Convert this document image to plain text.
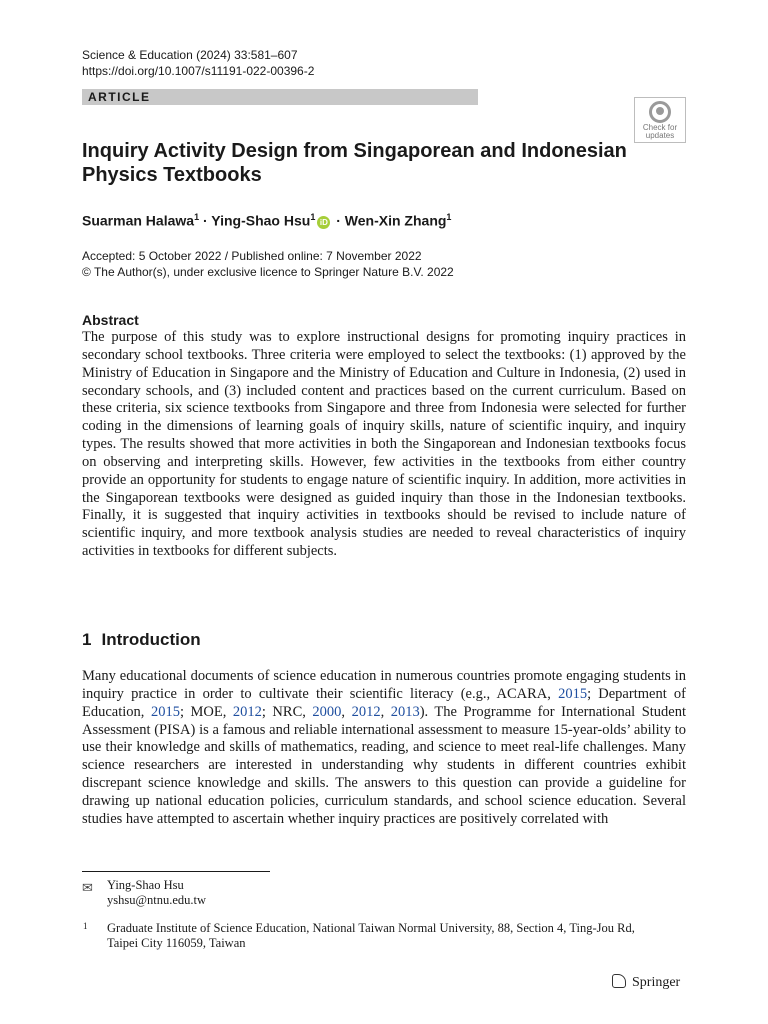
Science & Education (2024) 33:581–607
https://doi.org/10.1007/s11191-022-00396-2
ARTICLE
Check for
updates
Inquiry Activity Design from Singaporean and Indonesian
Physics Textbooks
Suarman Halawa$^1$ · Ying-Shao Hsu$^1$iD · Wen-Xin Zhang$^1$
Accepted: 5 October 2022 / Published online: 7 November 2022
© The Author(s), under exclusive licence to Springer Nature B.V. 2022
Abstract

The purpose of this study was to explore instructional designs for promoting inquiry practices in secondary school textbooks. Three criteria were employed to select the textbooks: (1) approved by the Ministry of Education in Singapore and the Ministry of Education and Culture in Indonesia, (2) used in secondary schools, and (3) included content and practices based on the current curriculum. Based on these criteria, six science textbooks from Singapore and three from Indonesia were selected for further coding in the dimensions of learning goals of inquiry skills, nature of scientific inquiry, and inquiry types. The results showed that more activities in both the Singaporean and Indonesian textbooks focus on observing and interpreting skills. However, few activities in the textbooks from either country provide an opportunity for students to engage nature of scientific inquiry. In addition, more activities in the Singaporean textbooks were designed as guided inquiry than those in the Indonesian textbooks. Finally, it is suggested that inquiry activities in textbooks should be revised to include nature of scientific inquiry, and more textbook analysis studies are needed to reveal characteristics of inquiry activities in textbooks for different subjects.

1 Introduction

Many educational documents of science education in numerous countries promote engaging students in inquiry practice in order to cultivate their scientific literacy (e.g., ACARA, 2015; Department of Education, 2015; MOE, 2012; NRC, 2000, 2012, 2013). The Programme for International Student Assessment (PISA) is a famous and reliable international assessment to measure 15-year-olds’ ability to use their knowledge and skills of mathematics, reading, and science to meet real-life challenges. Many science researchers are interested in understanding why students in different countries exhibit discrepant science knowledge and skills. The answers to this question can provide a guideline for drawing up national education policies, curriculum standards, and school science education. Several studies have attempted to ascertain whether inquiry practices are positively correlated with

✉ Ying-Shao Hsu
yshsu@ntnu.edu.tw
1 Graduate Institute of Science Education, National Taiwan Normal University, 88, Section 4, Ting-Jou Rd, Taipei City 116059, Taiwan
Springer
